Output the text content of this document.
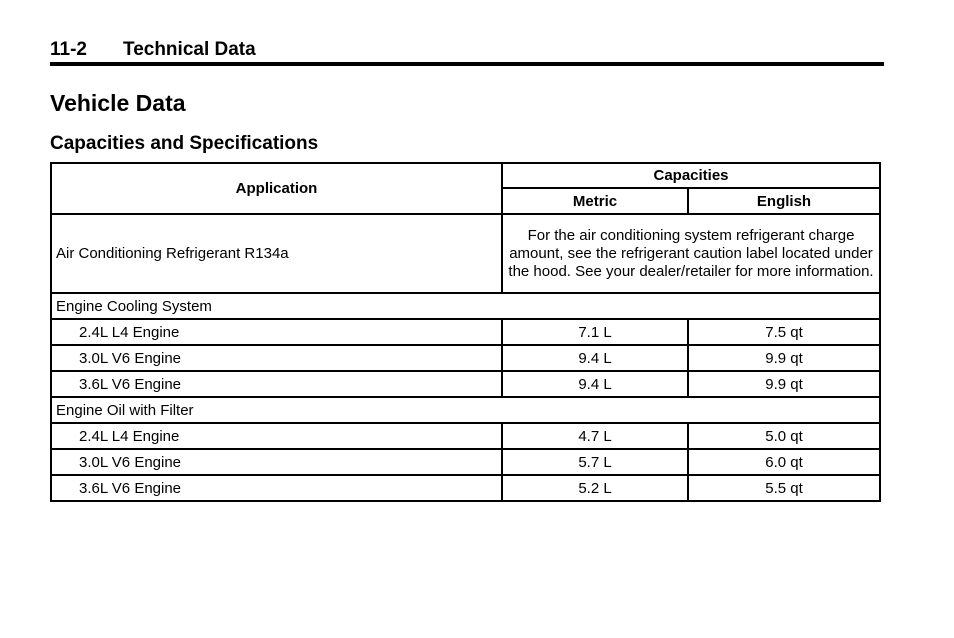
11-2 Technical Data
Vehicle Data
Capacities and Specifications
Application	Capacities	
	Metric	English
Air Conditioning Refrigerant R134a	For the air conditioning system refrigerant charge amount, see the refrigerant caution label located under the hood. See your dealer/retailer for more information.	
Engine Cooling System		
2.4L L4 Engine	7.1 L	7.5 qt
3.0L V6 Engine	9.4 L	9.9 qt
3.6L V6 Engine	9.4 L	9.9 qt
Engine Oil with Filter		
2.4L L4 Engine	4.7 L	5.0 qt
3.0L V6 Engine	5.7 L	6.0 qt
3.6L V6 Engine	5.2 L	5.5 qt
